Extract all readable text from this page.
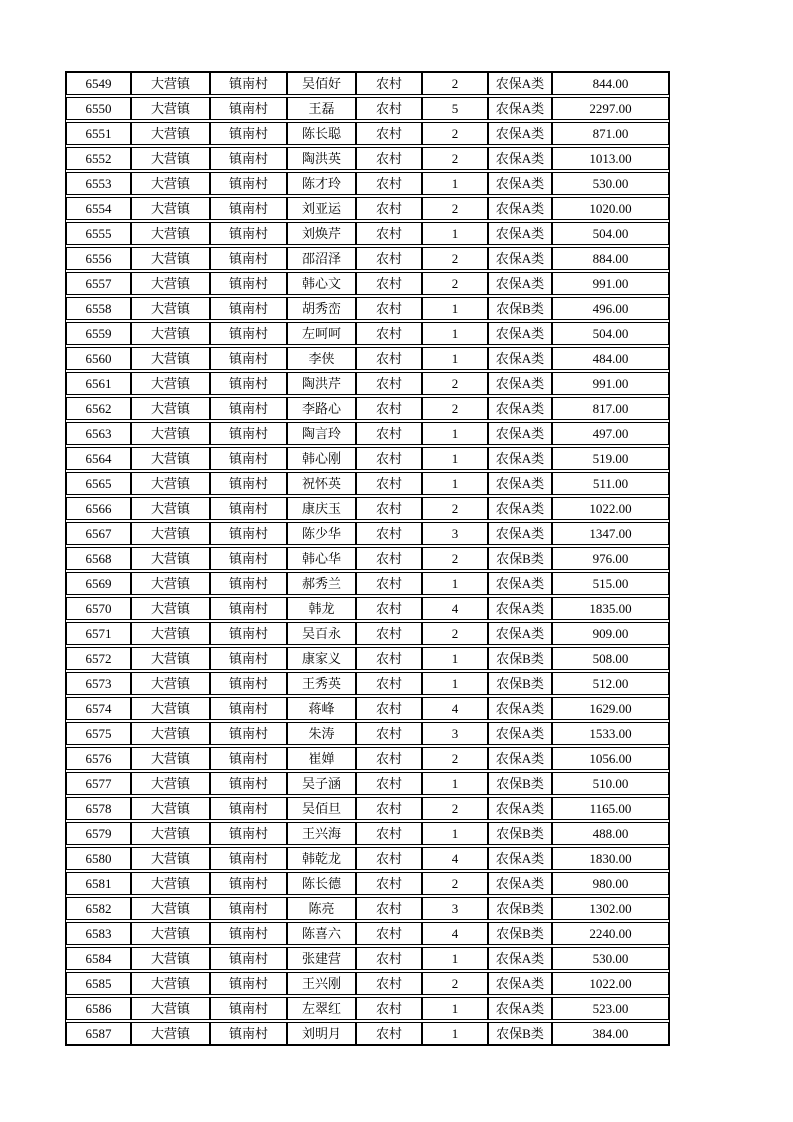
6549	大营镇	镇南村	吴佰好	农村	2	农保A类	844.00
6550	大营镇	镇南村	王磊	农村	5	农保A类	2297.00
6551	大营镇	镇南村	陈长聪	农村	2	农保A类	871.00
6552	大营镇	镇南村	陶洪英	农村	2	农保A类	1013.00
6553	大营镇	镇南村	陈才玲	农村	1	农保A类	530.00
6554	大营镇	镇南村	刘亚运	农村	2	农保A类	1020.00
6555	大营镇	镇南村	刘焕芹	农村	1	农保A类	504.00
6556	大营镇	镇南村	邵沼泽	农村	2	农保A类	884.00
6557	大营镇	镇南村	韩心文	农村	2	农保A类	991.00
6558	大营镇	镇南村	胡秀峦	农村	1	农保B类	496.00
6559	大营镇	镇南村	左呵呵	农村	1	农保A类	504.00
6560	大营镇	镇南村	李侠	农村	1	农保A类	484.00
6561	大营镇	镇南村	陶洪芹	农村	2	农保A类	991.00
6562	大营镇	镇南村	李路心	农村	2	农保A类	817.00
6563	大营镇	镇南村	陶言玲	农村	1	农保A类	497.00
6564	大营镇	镇南村	韩心刚	农村	1	农保A类	519.00
6565	大营镇	镇南村	祝怀英	农村	1	农保A类	511.00
6566	大营镇	镇南村	康庆玉	农村	2	农保A类	1022.00
6567	大营镇	镇南村	陈少华	农村	3	农保A类	1347.00
6568	大营镇	镇南村	韩心华	农村	2	农保B类	976.00
6569	大营镇	镇南村	郝秀兰	农村	1	农保A类	515.00
6570	大营镇	镇南村	韩龙	农村	4	农保A类	1835.00
6571	大营镇	镇南村	吴百永	农村	2	农保A类	909.00
6572	大营镇	镇南村	康家义	农村	1	农保B类	508.00
6573	大营镇	镇南村	王秀英	农村	1	农保B类	512.00
6574	大营镇	镇南村	蒋峰	农村	4	农保A类	1629.00
6575	大营镇	镇南村	朱涛	农村	3	农保A类	1533.00
6576	大营镇	镇南村	崔婵	农村	2	农保A类	1056.00
6577	大营镇	镇南村	吴子涵	农村	1	农保B类	510.00
6578	大营镇	镇南村	吴佰旦	农村	2	农保A类	1165.00
6579	大营镇	镇南村	王兴海	农村	1	农保B类	488.00
6580	大营镇	镇南村	韩乾龙	农村	4	农保A类	1830.00
6581	大营镇	镇南村	陈长德	农村	2	农保A类	980.00
6582	大营镇	镇南村	陈亮	农村	3	农保B类	1302.00
6583	大营镇	镇南村	陈喜六	农村	4	农保B类	2240.00
6584	大营镇	镇南村	张建营	农村	1	农保A类	530.00
6585	大营镇	镇南村	王兴刚	农村	2	农保A类	1022.00
6586	大营镇	镇南村	左翠红	农村	1	农保A类	523.00
6587	大营镇	镇南村	刘明月	农村	1	农保B类	384.00
